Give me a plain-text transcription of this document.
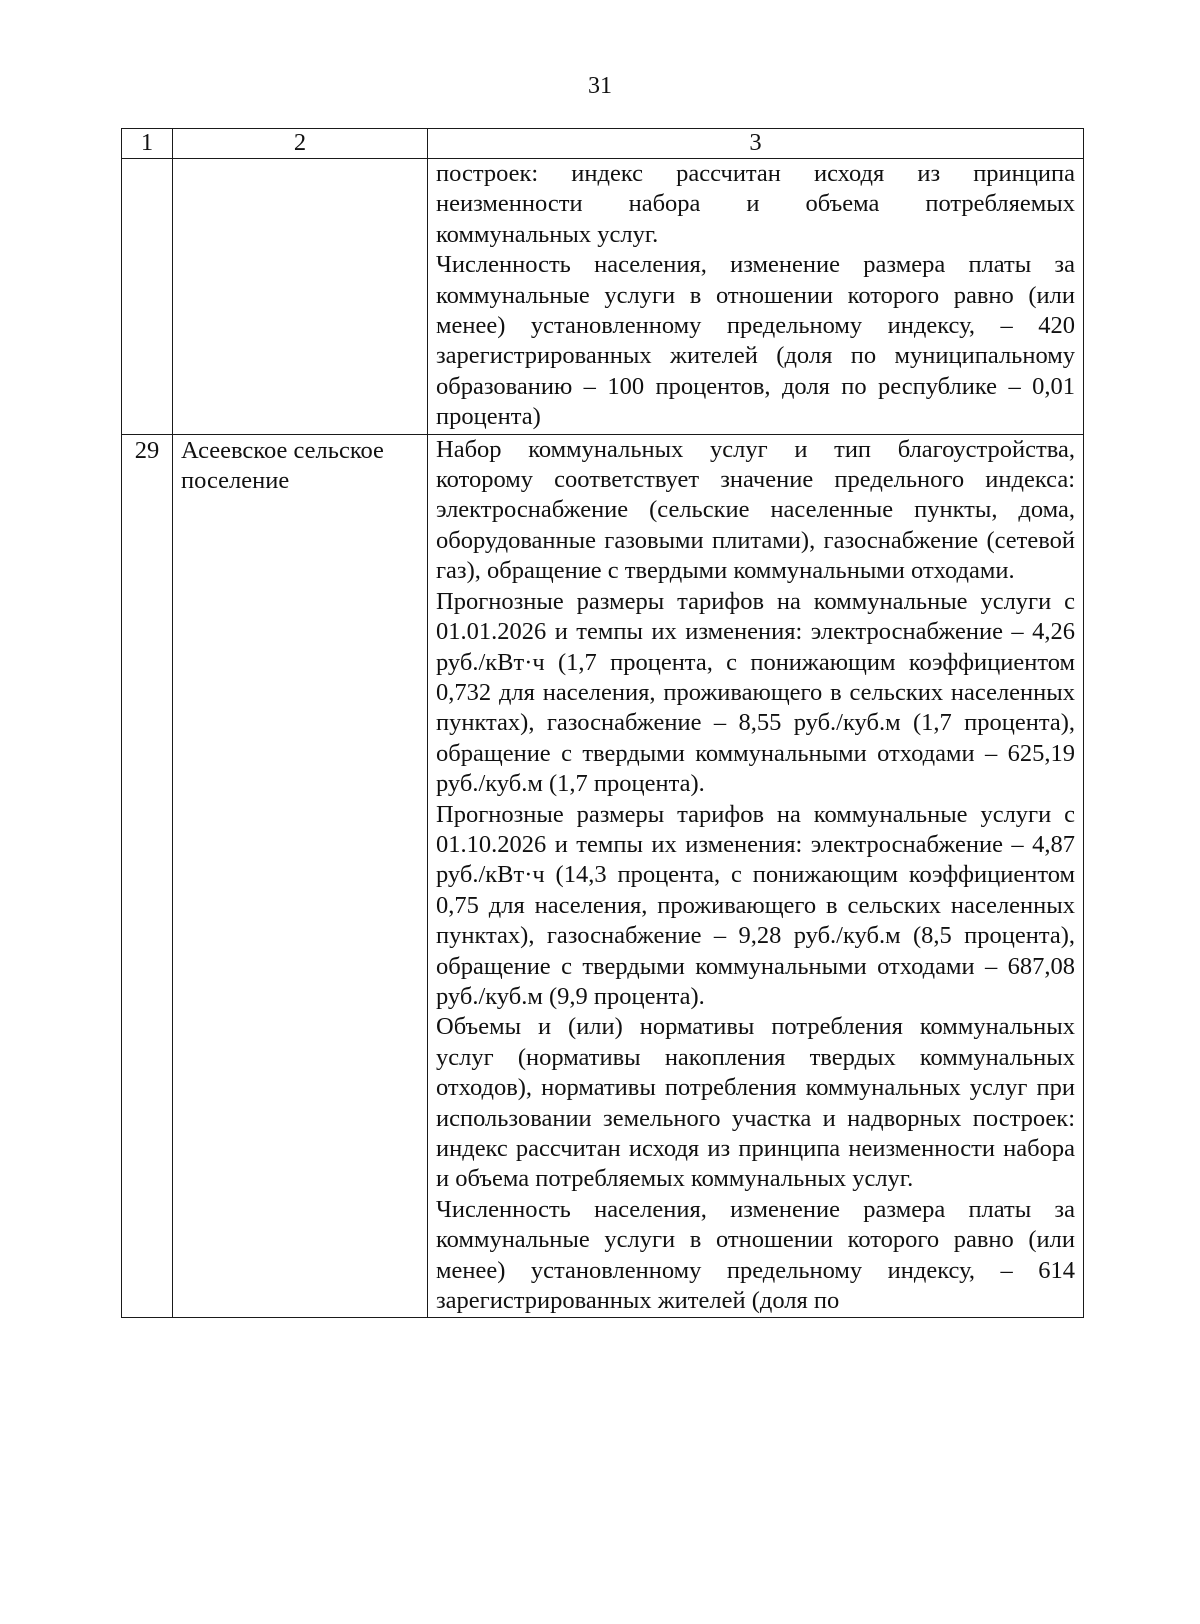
31
1	2	3

		построек: индекс рассчитан исходя из принципа неизменности набора и объема потребляемых коммунальных услуг.

Численность населения, изменение размера платы за коммунальные услуги в отношении которого равно (или менее) установленному предельному индексу, – 420 зарегистрированных жителей (доля по муниципальному образованию – 100 процентов, доля по республике – 0,01 процента)

29	Асеевское сельское поселение	Набор коммунальных услуг и тип благоустройства, которому соответствует значение предельного индекса: электроснабжение (сельские населенные пункты, дома, оборудованные газовыми плитами), газоснабжение (сетевой газ), обращение с твердыми коммунальными отходами.

Прогнозные размеры тарифов на коммунальные услуги с 01.01.2026 и темпы их изменения: электроснабжение – 4,26 руб./кВт·ч (1,7 процента, с понижающим коэффициентом 0,732 для населения, проживающего в сельских населенных пунктах), газоснабжение – 8,55 руб./куб.м (1,7 процента), обращение с твердыми коммунальными отходами – 625,19 руб./куб.м (1,7 процента).

Прогнозные размеры тарифов на коммунальные услуги с 01.10.2026 и темпы их изменения: электроснабжение – 4,87 руб./кВт·ч (14,3 процента, с понижающим коэффициентом 0,75 для населения, проживающего в сельских населенных пунктах), газоснабжение – 9,28 руб./куб.м (8,5 процента), обращение с твердыми коммунальными отходами – 687,08 руб./куб.м (9,9 процента).

Объемы и (или) нормативы потребления коммунальных услуг (нормативы накопления твердых коммунальных отходов), нормативы потребления коммунальных услуг при использовании земельного участка и надворных построек: индекс рассчитан исходя из принципа неизменности набора и объема потребляемых коммунальных услуг.

Численность населения, изменение размера платы за коммунальные услуги в отношении которого равно (или менее) установленному предельному индексу, – 614 зарегистрированных жителей (доля по
